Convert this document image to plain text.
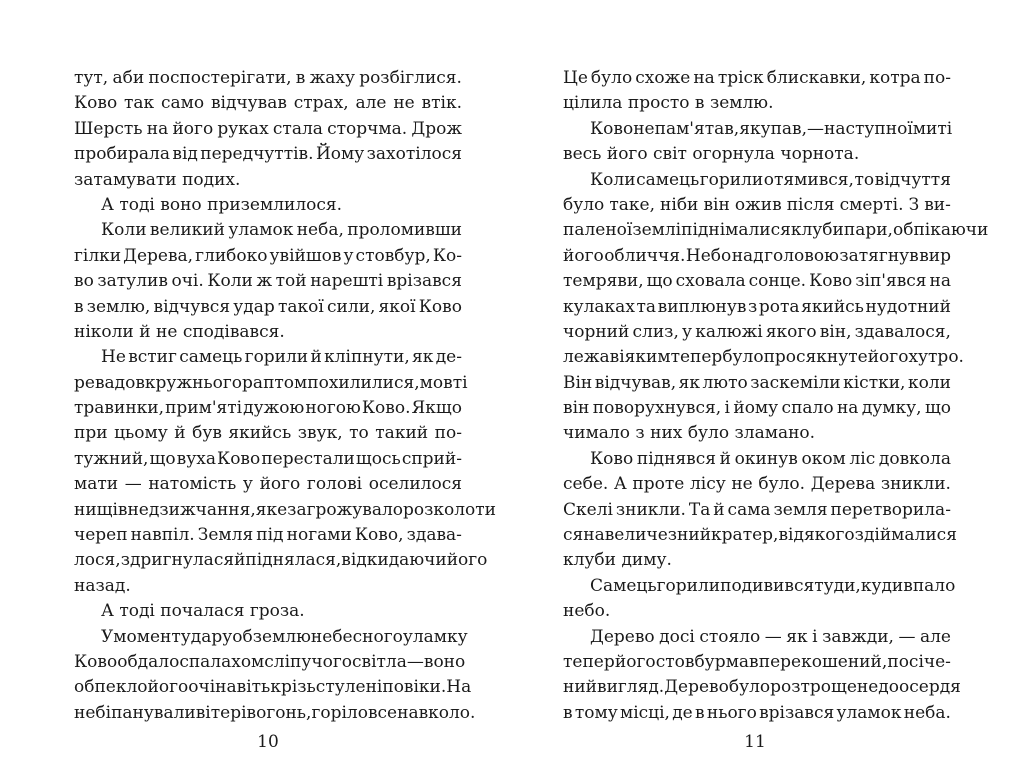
тут, аби поспостерігати, в жаху розбіглися.
Ково так само відчував страх, але не втік.
Шерсть на його руках стала сторчма. Дрож
пробирала від передчуттів. Йому захотілося
затамувати подих.
А тоді воно приземлилося.
Коли великий уламок неба, проломивши
гілки Дерева, глибоко увійшов у стовбур, Ко-
во затулив очі. Коли ж той нарешті врізався
в землю, відчувся удар такої сили, якої Ково
ніколи й не сподівався.
Не встиг самець горили й кліпнути, як де-
рева довкруж нього раптом похилилися, мов ті
травинки, прим'яті дужою ногою Ково. Якщо
при цьому й був якийсь звук, то такий по-
тужний, що вуха Ково перестали щось сприй-
мати — натомість у його голові оселилося
нищівне дзижчання, яке загрожувало розколоти
череп навпіл. Земля під ногами Ково, здава-
лося, здригнулася й піднялася, відкидаючи його
назад.
А тоді почалася гроза.
У момент удару об землю небесного уламку
Ково обдало спалахом сліпучого світла — воно
обпекло його очі навіть крізь стулені повіки. На
небі панували вітер і вогонь, горіло все навколо.
10
Це було схоже на тріск блискавки, котра по-
цілила просто в землю.
Ково не пам'ятав, як упав, — наступної миті
весь його світ огорнула чорнота.
Коли самець горили отямився, то відчуття
було таке, ніби він ожив після смерті. З ви-
паленої землі піднімалися клуби пари, обпікаючи
його обличчя. Небо над головою затягнув вир
темряви, що сховала сонце. Ково зіп'явся на
кулаках та виплюнув з рота якийсь нудотний
чорний слиз, у калюжі якого він, здавалося,
лежав і яким тепер було просякнуте його хутро.
Він відчував, як люто заскеміли кістки, коли
він поворухнувся, і йому спало на думку, що
чимало з них було зламано.
Ково піднявся й окинув оком ліс довкола
себе. А проте лісу не було. Дерева зникли.
Скелі зникли. Та й сама земля перетворила-
ся на величезний кратер, від якого здіймалися
клуби диму.
Самець горили подивився туди, куди впало
небо.
Дерево досі стояло — як і завжди, — але
тепер його стовбур мав перекошений, посіче-
ний вигляд. Дерево було розтрощене до осердя
в тому місці, де в нього врізався уламок неба.
11
